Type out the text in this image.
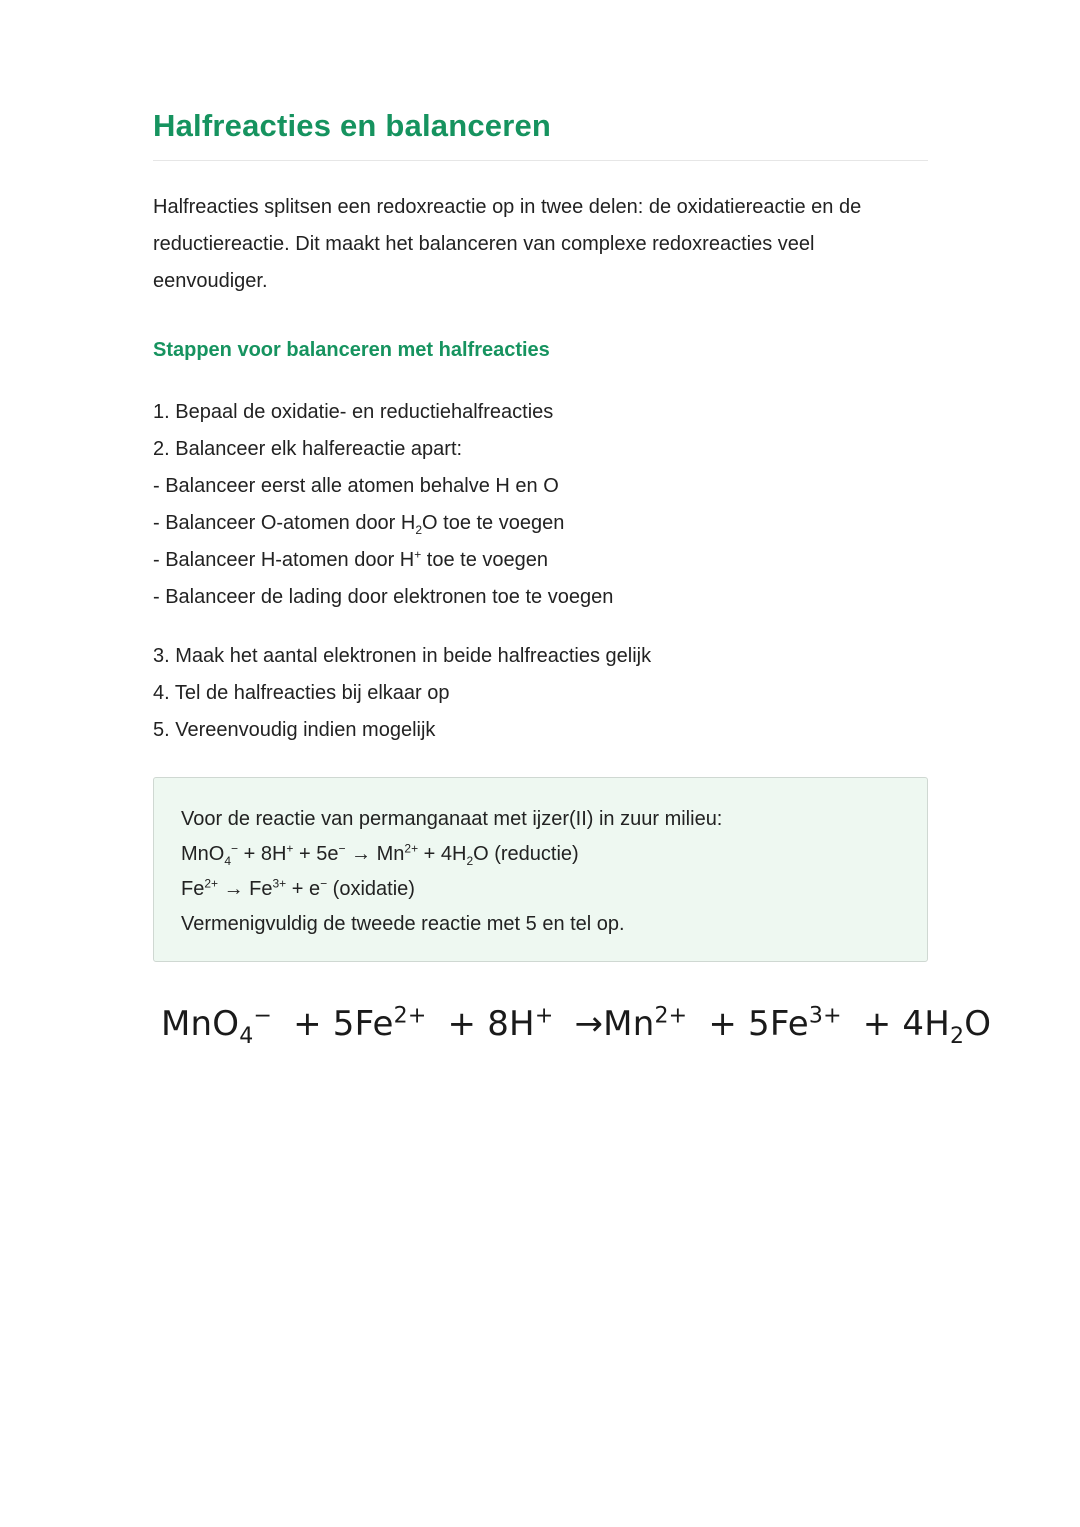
Halfreacties en balanceren

Halfreacties splitsen een redoxreactie op in twee delen: de oxidatiereactie en de reductiereactie. Dit maakt het balanceren van complexe redoxreacties veel eenvoudiger.

Stappen voor balanceren met halfreacties
1. Bepaal de oxidatie- en reductiehalfreacties
2. Balanceer elk halfereactie apart:
- Balanceer eerst alle atomen behalve H en O
- Balanceer O-atomen door $H_2O$ toe te voegen
- Balanceer H-atomen door H+ toe te voegen
- Balanceer de lading door elektronen toe te voegen
3. Maak het aantal elektronen in beide halfreacties gelijk
4. Tel de halfreacties bij elkaar op
5. Vereenvoudig indien mogelijk
Voor de reactie van permanganaat met ijzer(II) in zuur milieu:
$MnO_4^- + 8H^+ + 5e^- \to Mn^{2+} + 4H_2O$ (reductie)
$Fe^{2+} \to Fe^{3+} + e^-$ (oxidatie)
Vermenigvuldig de tweede reactie met 5 en tel op.
$MnO_4^- + 5Fe^{2+} + 8H^+ \to Mn^{2+} + 5Fe^{3+} + 4H_2O$
